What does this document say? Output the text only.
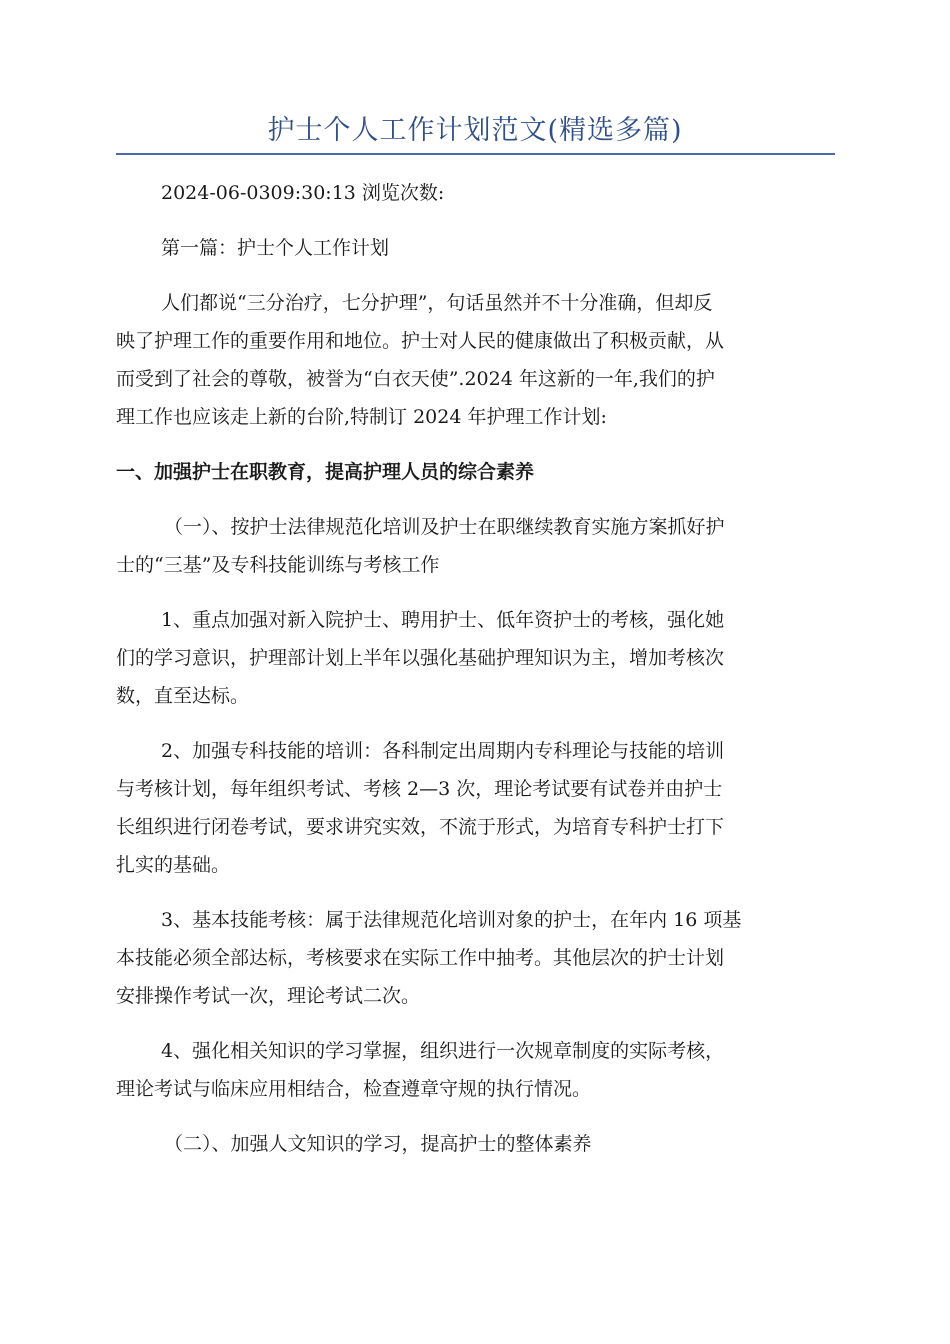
护士个人工作计划范文(精选多篇)
2024-06-0309:30:13 浏览次数:
第一篇：护士个人工作计划
人们都说“三分治疗，七分护理”，句话虽然并不十分准确，但却反
映了护理工作的重要作用和地位。护士对人民的健康做出了积极贡献，从
而受到了社会的尊敬，被誉为“白衣天使”.2024 年这新的一年,我们的护
理工作也应该走上新的台阶,特制订 2024 年护理工作计划:
一、加强护士在职教育，提高护理人员的综合素养
（一）、按护士法律规范化培训及护士在职继续教育实施方案抓好护
士的“三基”及专科技能训练与考核工作
1、重点加强对新入院护士、聘用护士、低年资护士的考核，强化她
们的学习意识，护理部计划上半年以强化基础护理知识为主，增加考核次
数，直至达标。
2、加强专科技能的培训：各科制定出周期内专科理论与技能的培训
与考核计划，每年组织考试、考核 2—3 次，理论考试要有试卷并由护士
长组织进行闭卷考试，要求讲究实效，不流于形式，为培育专科护士打下
扎实的基础。
3、基本技能考核：属于法律规范化培训对象的护士，在年内 16 项基
本技能必须全部达标，考核要求在实际工作中抽考。其他层次的护士计划
安排操作考试一次，理论考试二次。
4、强化相关知识的学习掌握，组织进行一次规章制度的实际考核，
理论考试与临床应用相结合，检查遵章守规的执行情况。
（二）、加强人文知识的学习，提高护士的整体素养
